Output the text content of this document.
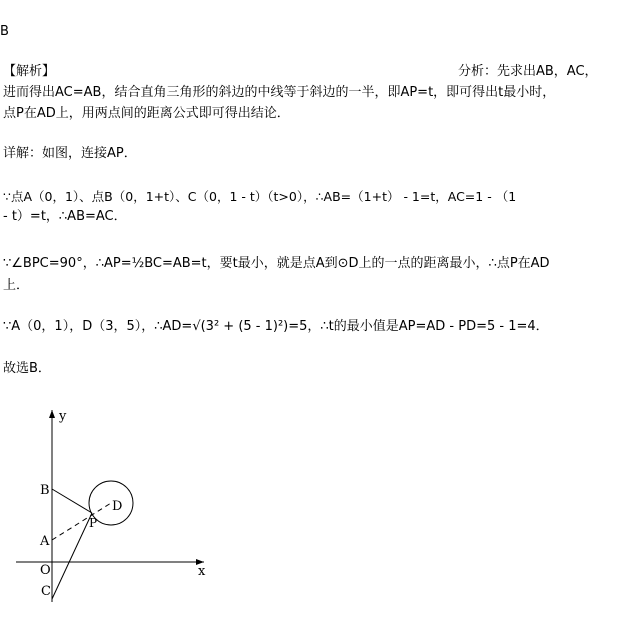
B
【解析】	分析：先求出AB，AC，
进而得出AC=AB，结合直角三角形的斜边的中线等于斜边的一半，即AP=t，即可得出t最小时，
点P在AD上，用两点间的距离公式即可得出结论．
详解：如图，连接AP．
∵点A（0，1）、点B（0，1+t）、C（0，1 - t）（t>0），∴AB=（1+t） - 1=t，AC=1 - （1
- t）=t，∴AB=AC．
∵∠BPC=90°，∴AP=½BC=AB=t，要t最小，就是点A到⊙D上的一点的距离最小，∴点P在AD
上．
∵A（0，1），D（3，5），∴AD=√(3² + (5 - 1)²)=5，∴t的最小值是AP=AD - PD=5 - 1=4．
故选B．
x
y
B
A
O
C
P
D
